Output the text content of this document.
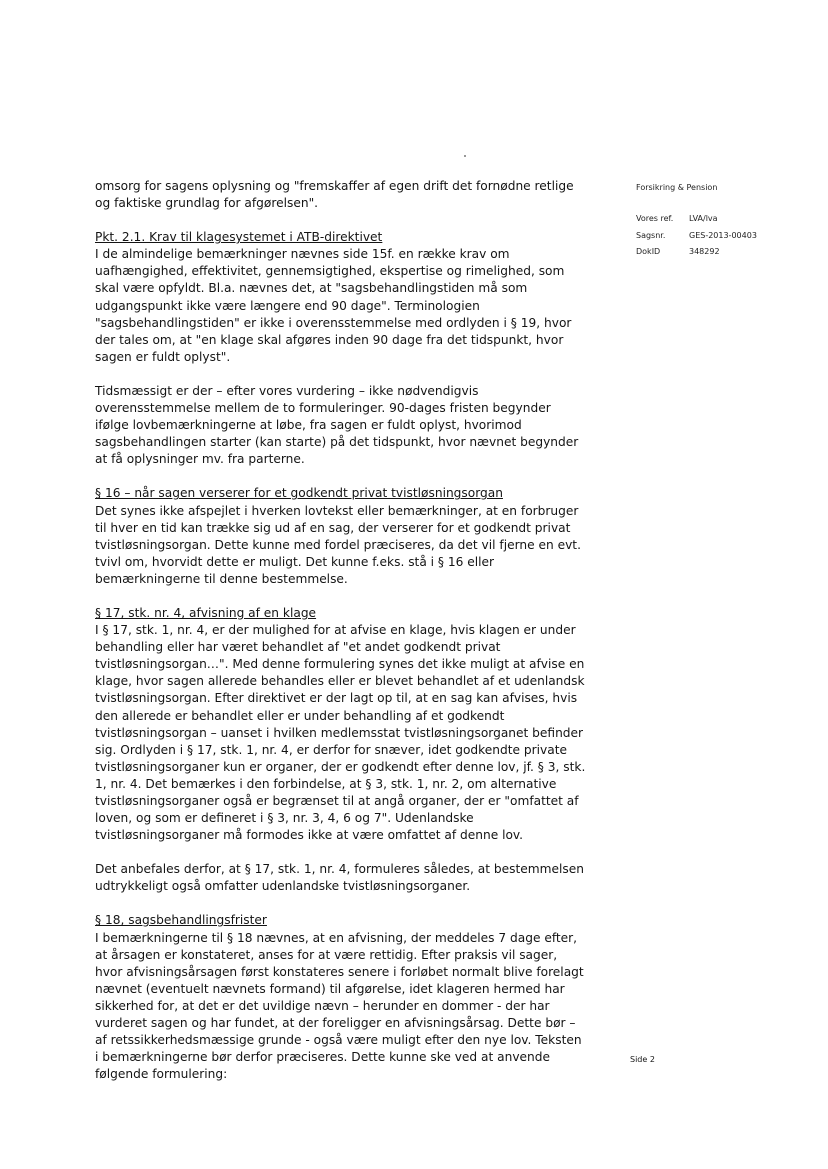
omsorg for sagens oplysning og "fremskaffer af egen drift det fornødne retlige og faktiske grundlag for afgørelsen".

Pkt. 2.1. Krav til klagesystemet i ATB-direktivet

I de almindelige bemærkninger nævnes side 15f. en række krav om uafhængighed, effektivitet, gennemsigtighed, ekspertise og rimelighed, som skal være opfyldt. Bl.a. nævnes det, at "sagsbehandlingstiden må som udgangspunkt ikke være længere end 90 dage". Terminologien "sagsbehandlingstiden" er ikke i overensstemmelse med ordlyden i § 19, hvor der tales om, at "en klage skal afgøres inden 90 dage fra det tidspunkt, hvor sagen er fuldt oplyst".

Tidsmæssigt er der – efter vores vurdering – ikke nødvendigvis overensstemmelse mellem de to formuleringer. 90-dages fristen begynder ifølge lovbemærkningerne at løbe, fra sagen er fuldt oplyst, hvorimod sagsbehandlingen starter (kan starte) på det tidspunkt, hvor nævnet begynder at få oplysninger mv. fra parterne.

§ 16 – når sagen verserer for et godkendt privat tvistløsningsorgan

Det synes ikke afspejlet i hverken lovtekst eller bemærkninger, at en forbruger til hver en tid kan trække sig ud af en sag, der verserer for et godkendt privat tvistløsningsorgan. Dette kunne med fordel præciseres, da det vil fjerne en evt. tvivl om, hvorvidt dette er muligt. Det kunne f.eks. stå i § 16 eller bemærkningerne til denne bestemmelse.

§ 17, stk. nr. 4, afvisning af en klage

I § 17, stk. 1, nr. 4, er der mulighed for at afvise en klage, hvis klagen er under behandling eller har været behandlet af "et andet godkendt privat tvistløsningsorgan…". Med denne formulering synes det ikke muligt at afvise en klage, hvor sagen allerede behandles eller er blevet behandlet af et udenlandsk tvistløsningsorgan. Efter direktivet er der lagt op til, at en sag kan afvises, hvis den allerede er behandlet eller er under behandling af et godkendt tvistløsningsorgan – uanset i hvilken medlemsstat tvistløsningsorganet befinder sig. Ordlyden i § 17, stk. 1, nr. 4, er derfor for snæver, idet godkendte private tvistløsningsorganer kun er organer, der er godkendt efter denne lov, jf. § 3, stk. 1, nr. 4. Det bemærkes i den forbindelse, at § 3, stk. 1, nr. 2, om alternative tvistløsningsorganer også er begrænset til at angå organer, der er "omfattet af loven, og som er defineret i § 3, nr. 3, 4, 6 og 7". Udenlandske tvistløsningsorganer må formodes ikke at være omfattet af denne lov.

Det anbefales derfor, at § 17, stk. 1, nr. 4, formuleres således, at bestemmelsen udtrykkeligt også omfatter udenlandske tvistløsningsorganer.

§ 18, sagsbehandlingsfrister

I bemærkningerne til § 18 nævnes, at en afvisning, der meddeles 7 dage efter, at årsagen er konstateret, anses for at være rettidig. Efter praksis vil sager, hvor afvisningsårsagen først konstateres senere i forløbet normalt blive forelagt nævnet (eventuelt nævnets formand) til afgørelse, idet klageren hermed har sikkerhed for, at det er det uvildige nævn – herunder en dommer - der har vurderet sagen og har fundet, at der foreligger en afvisningsårsag. Dette bør – af retssikkerhedsmæssige grunde - også være muligt efter den nye lov. Teksten i bemærkningerne bør derfor præciseres. Dette kunne ske ved at anvende følgende formulering:

Forsikring & Pension
Vores ref.	LVA/lva
Sagsnr.	GES-2013-00403
DokID	348292
Side 2
